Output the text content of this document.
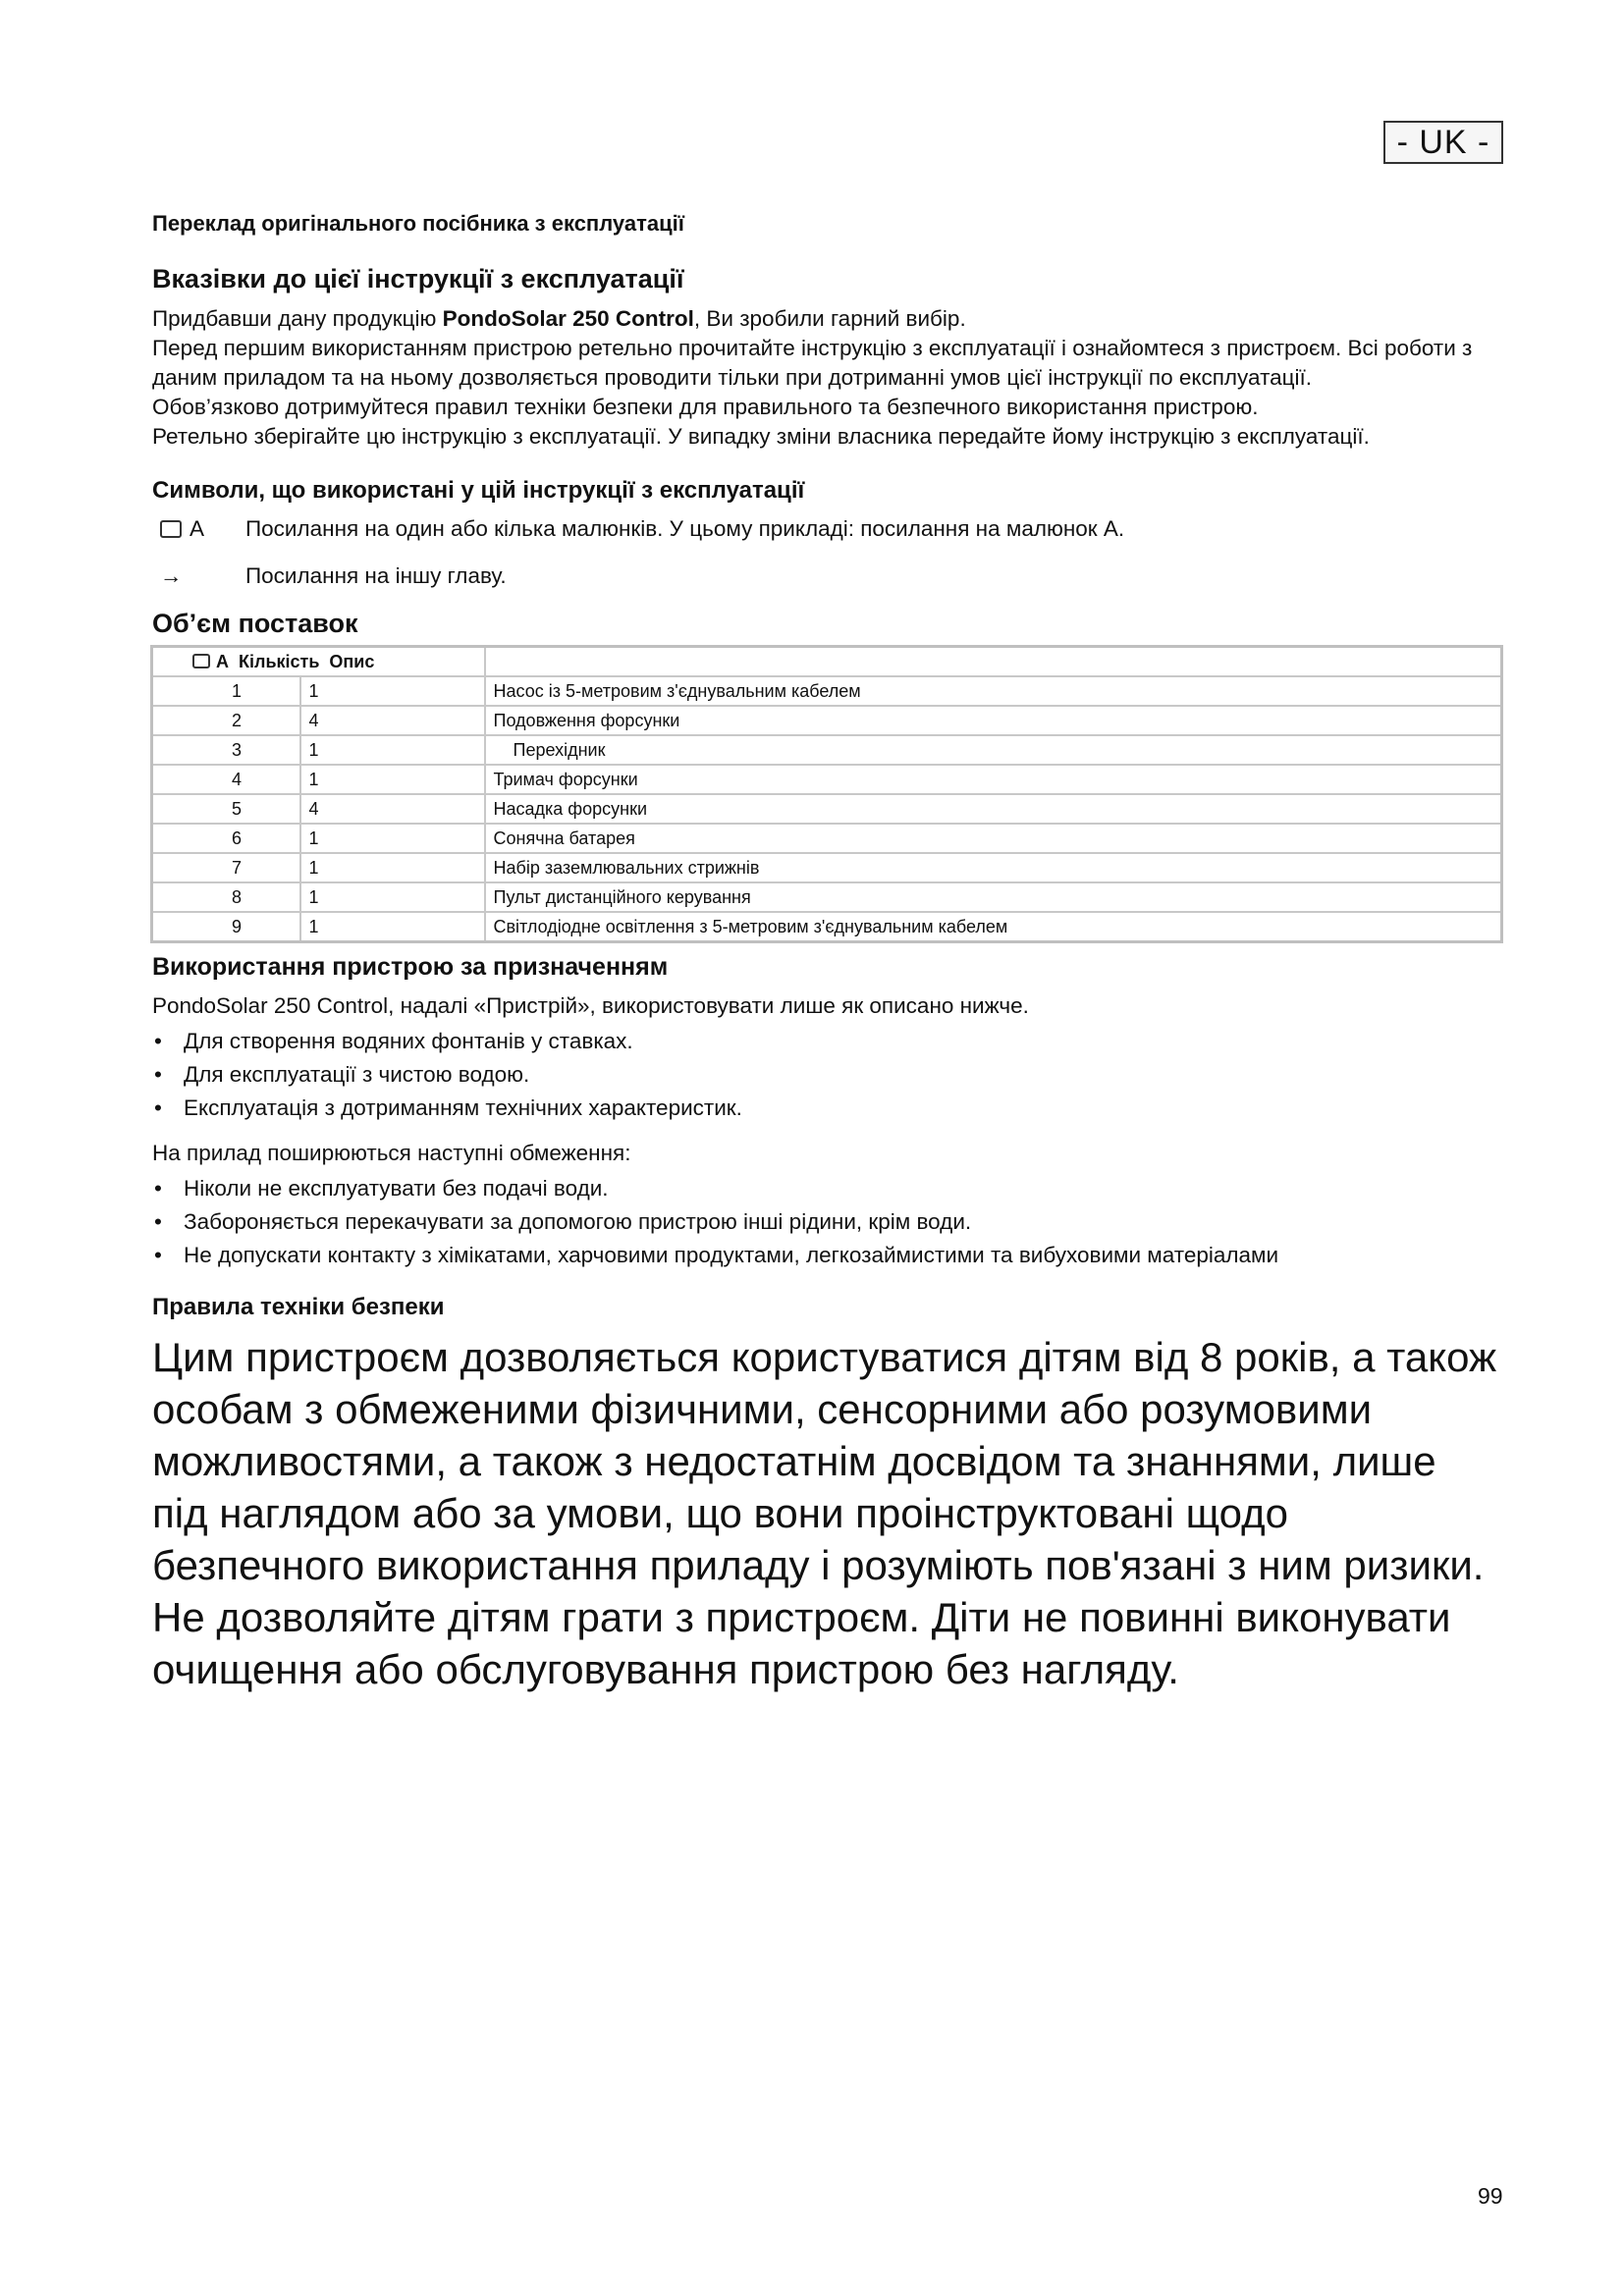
- UK -
Переклад оригінального посібника з експлуатації
Вказівки до цієї інструкції з експлуатації

Придбавши дану продукцію PondoSolar 250 Control, Ви зробили гарний вибір.

Перед першим використанням пристрою ретельно прочитайте інструкцію з експлуатації і ознайомтеся з пристроєм. Всі роботи з даним приладом та на ньому дозволяється проводити тільки при дотриманні умов цієї інструкції по експлуатації.

Обов’язково дотримуйтеся правил техніки безпеки для правильного та безпечного використання пристрою.

Ретельно зберігайте цю інструкцію з експлуатації. У випадку зміни власника передайте йому інструкцію з експлуатації.

Символи, що використані у цій інструкції з експлуатації
A Посилання на один або кілька малюнків. У цьому прикладі: посилання на малюнок A.
→	Посилання на іншу главу.
Об’єм поставок
A Кількість Опис		
1	1	Насос із 5-метровим з'єднувальним кабелем
2	4	Подовження форсунки
3	1	Перехідник
4	1	Тримач форсунки
5	4	Насадка форсунки
6	1	Сонячна батарея
7	1	Набір заземлювальних стрижнів
8	1	Пульт дистанційного керування
9	1	Світлодіодне освітлення з 5-метровим з'єднувальним кабелем
Використання пристрою за призначенням

PondoSolar 250 Control, надалі «Пристрій», використовувати лише як описано нижче.

• Для створення водяних фонтанів у ставках.
• Для експлуатації з чистою водою.
• Експлуатація з дотриманням технічних характеристик.

На прилад поширюються наступні обмеження:

• Ніколи не експлуатувати без подачі води.
• Забороняється перекачувати за допомогою пристрою інші рідини, крім води.
• Не допускати контакту з хімікатами, харчовими продуктами, легкозаймистими та вибуховими матеріалами
Правила техніки безпеки

Цим пристроєм дозволяється користуватися дітям від 8 років, а також особам з обмеженими фізичними, сенсорними або розумовими можливостями, а також з недостатнім досвідом та знаннями, лише під наглядом або за умови, що вони проінструктовані щодо безпечного використання приладу і розуміють пов'язані з ним ризики. Не дозволяйте дітям грати з пристроєм. Діти не повинні виконувати очищення або обслуговування пристрою без нагляду.

99
